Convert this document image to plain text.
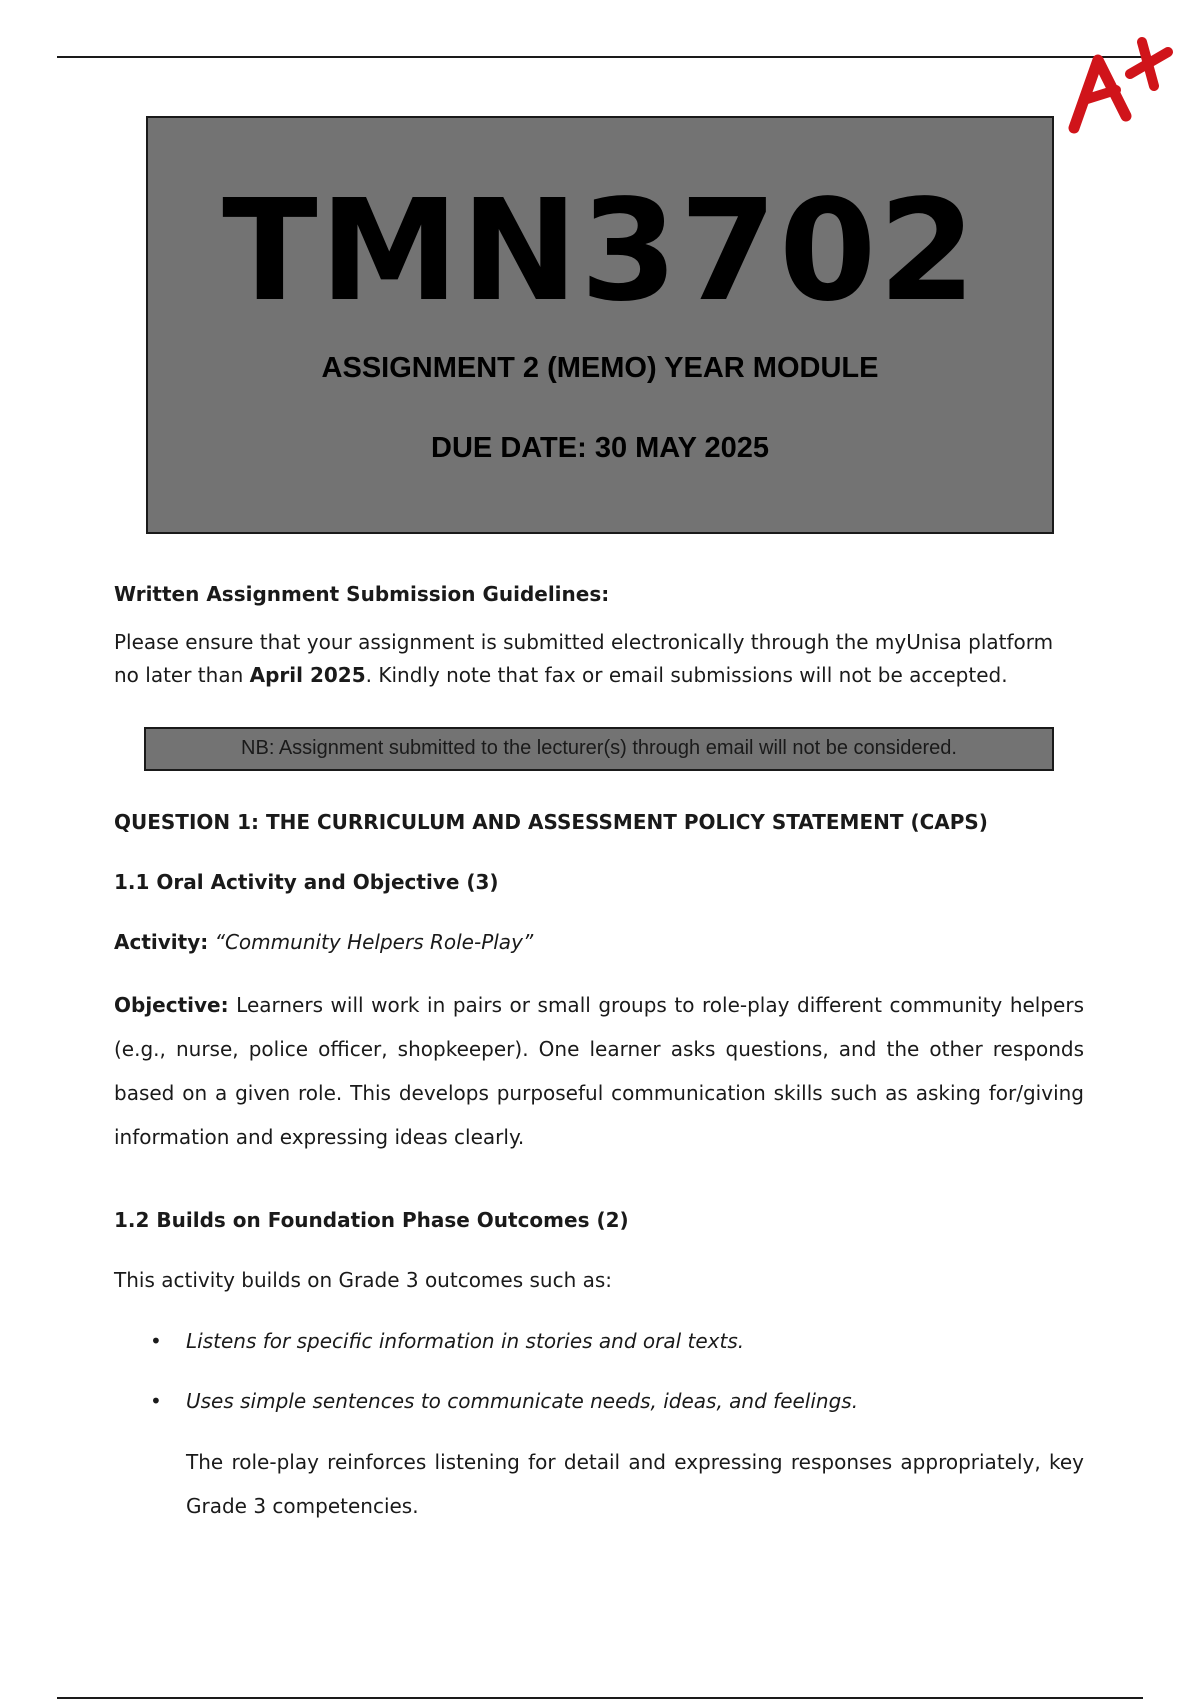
TMN3702
ASSIGNMENT 2 (MEMO) YEAR MODULE
DUE DATE: 30 MAY 2025
Written Assignment Submission Guidelines:
Please ensure that your assignment is submitted electronically through the myUnisa platform no later than April 2025. Kindly note that fax or email submissions will not be accepted.
NB: Assignment submitted to the lecturer(s) through email will not be considered.
QUESTION 1: THE CURRICULUM AND ASSESSMENT POLICY STATEMENT (CAPS)
1.1 Oral Activity and Objective (3)
Activity: “Community Helpers Role-Play”
Objective: Learners will work in pairs or small groups to role-play different community helpers (e.g., nurse, police officer, shopkeeper). One learner asks questions, and the other responds based on a given role. This develops purposeful communication skills such as asking for/giving information and expressing ideas clearly.
1.2 Builds on Foundation Phase Outcomes (2)
This activity builds on Grade 3 outcomes such as:
• Listens for specific information in stories and oral texts.
• Uses simple sentences to communicate needs, ideas, and feelings.
The role-play reinforces listening for detail and expressing responses appropriately, key Grade 3 competencies.
